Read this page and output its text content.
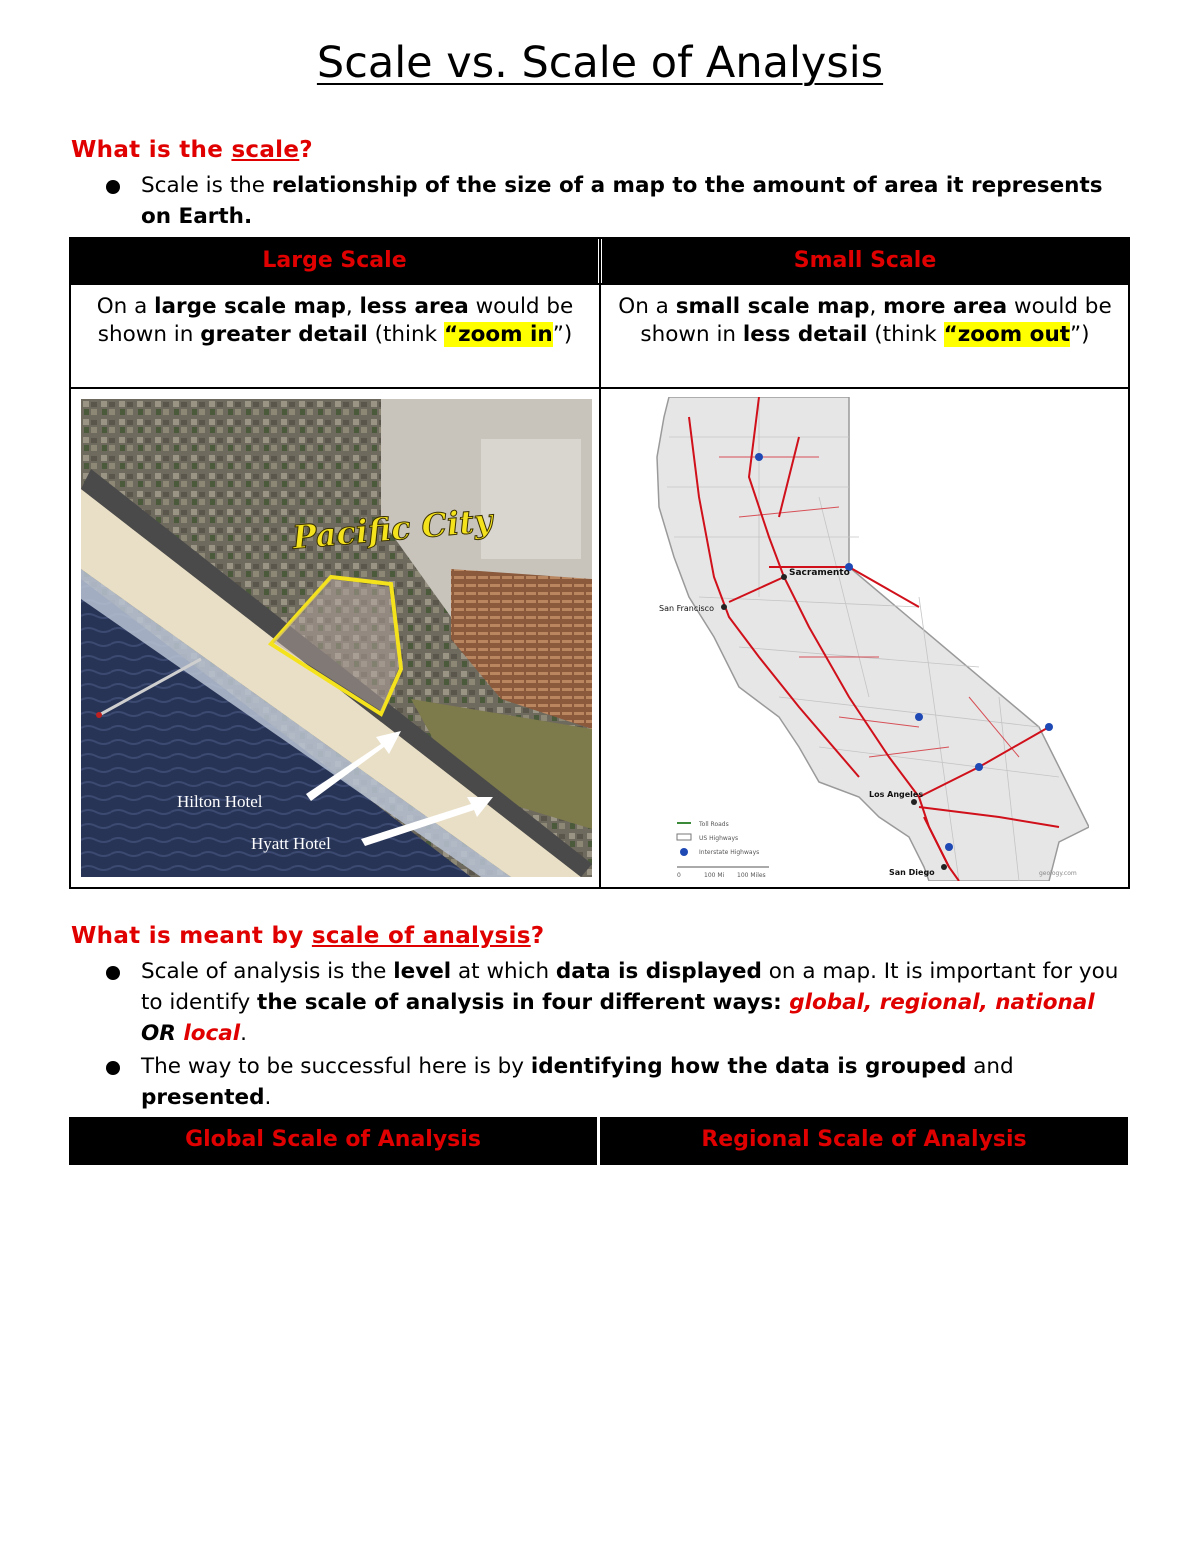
Scale vs. Scale of Analysis
What is the scale?
Scale is the relationship of the size of a map to the amount of area it represents on Earth.
Large Scale	Small Scale
On a large scale map, less area would be shown in greater detail (think “zoom in”)
On a small scale map, more area would be shown in less detail (think “zoom out”)
Pacific City
Hilton Hotel
Hyatt Hotel
Sacramento
San Francisco
Los Angeles
San Diego
Toll Roads
US Highways
Interstate Highways
0	100 Mi 100 Miles	geology.com
What is meant by scale of analysis?
Scale of analysis is the level at which data is displayed on a map. It is important for you to identify the scale of analysis in four different ways: global, regional, national OR local.
The way to be successful here is by identifying how the data is grouped and presented.
Global Scale of Analysis	Regional Scale of Analysis
